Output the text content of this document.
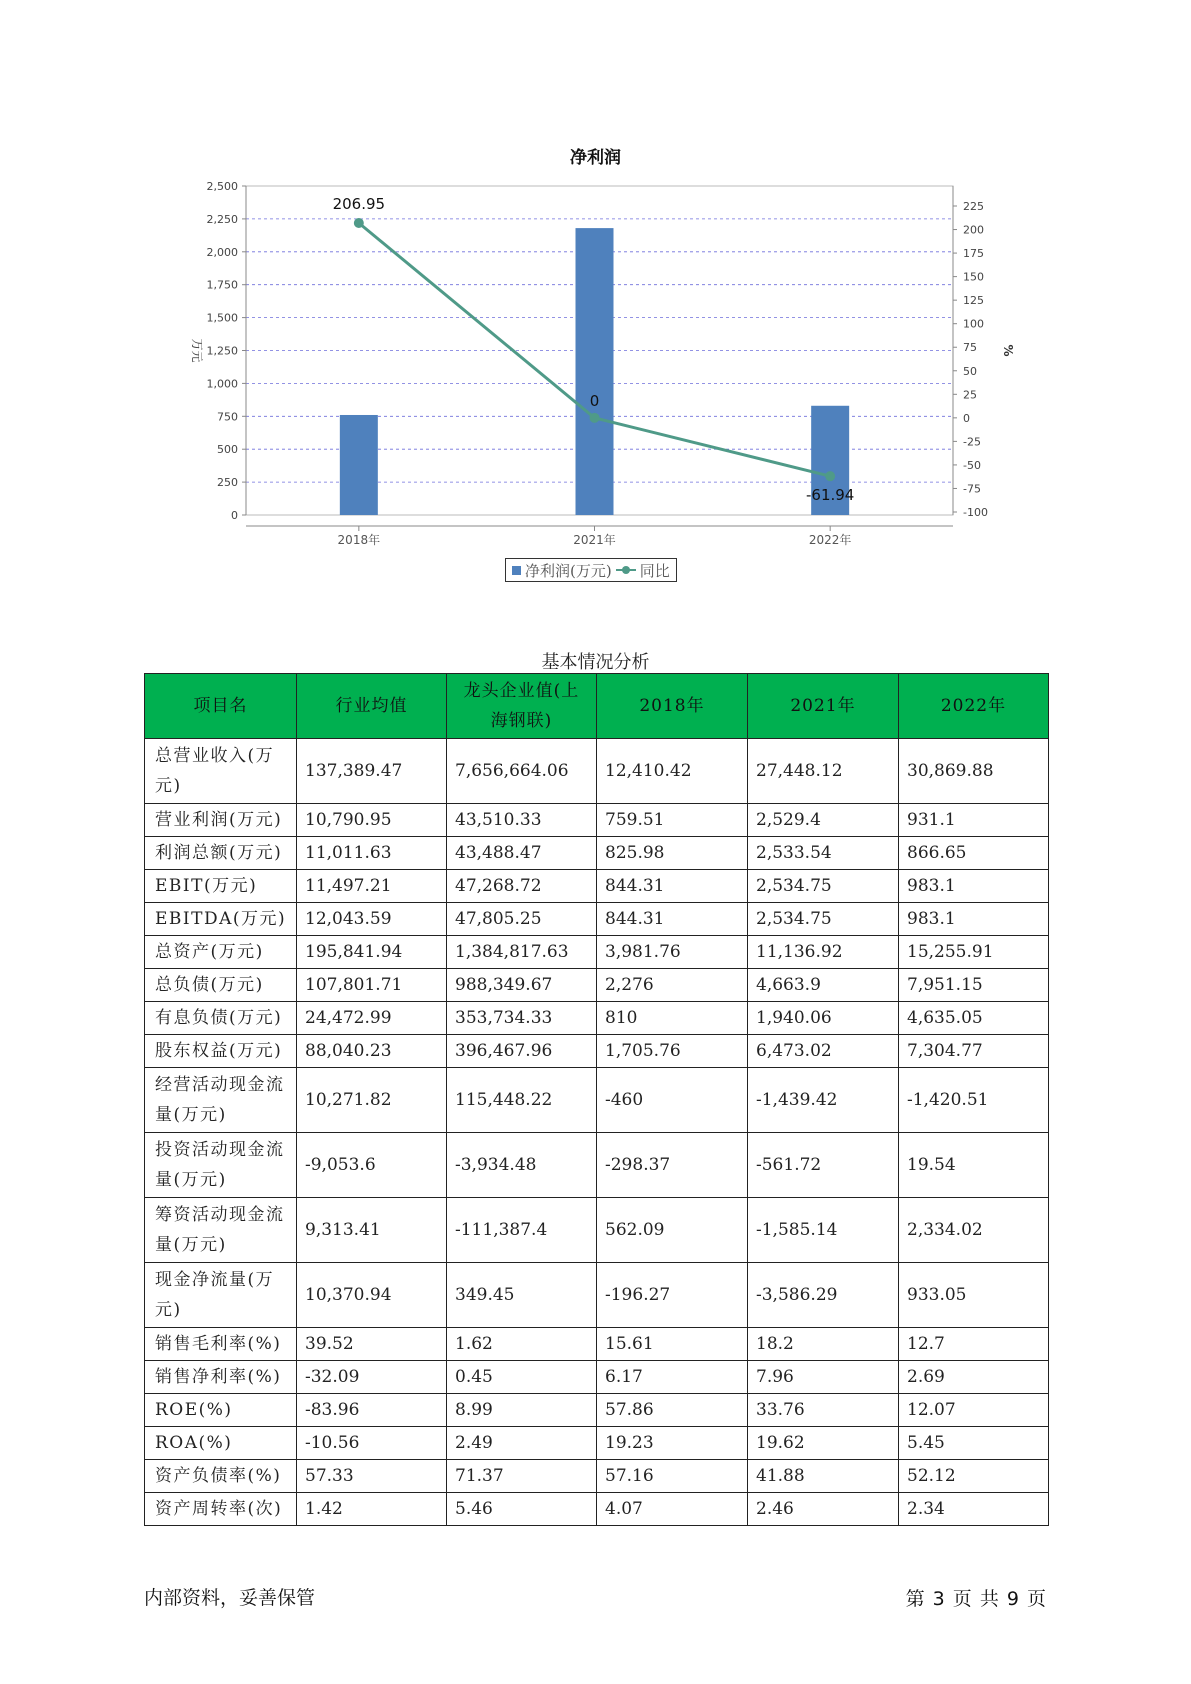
净利润
0
250
500
750
1,000
1,250
1,500
1,750
2,000
2,250
2,500
-100
-75
-50
-25
0
25
50
75
100
125
150
175
200
225
2018年	2021年	2022年
万元	%
206.95
0
-61.94
净利润(万元) 同比
基本情况分析
项目名	行业均值	龙头企业值(上海钢联)	2018年	2021年	2022年
总营业收入(万元)	137,389.47	7,656,664.06	12,410.42	27,448.12	30,869.88
营业利润(万元)	10,790.95	43,510.33	759.51	2,529.4	931.1
利润总额(万元)	11,011.63	43,488.47	825.98	2,533.54	866.65
EBIT(万元)	11,497.21	47,268.72	844.31	2,534.75	983.1
EBITDA(万元)	12,043.59	47,805.25	844.31	2,534.75	983.1
总资产(万元)	195,841.94	1,384,817.63	3,981.76	11,136.92	15,255.91
总负债(万元)	107,801.71	988,349.67	2,276	4,663.9	7,951.15
有息负债(万元)	24,472.99	353,734.33	810	1,940.06	4,635.05
股东权益(万元)	88,040.23	396,467.96	1,705.76	6,473.02	7,304.77
经营活动现金流量(万元)	10,271.82	115,448.22	-460	-1,439.42	-1,420.51
投资活动现金流量(万元)	-9,053.6	-3,934.48	-298.37	-561.72	19.54
筹资活动现金流量(万元)	9,313.41	-111,387.4	562.09	-1,585.14	2,334.02
现金净流量(万元)	10,370.94	349.45	-196.27	-3,586.29	933.05
销售毛利率(%)	39.52	1.62	15.61	18.2	12.7
销售净利率(%)	-32.09	0.45	6.17	7.96	2.69
ROE(%)	-83.96	8.99	57.86	33.76	12.07
ROA(%)	-10.56	2.49	19.23	19.62	5.45
资产负债率(%)	57.33	71.37	57.16	41.88	52.12
资产周转率(次)	1.42	5.46	4.07	2.46	2.34
内部资料，妥善保管	第 3 页 共 9 页
